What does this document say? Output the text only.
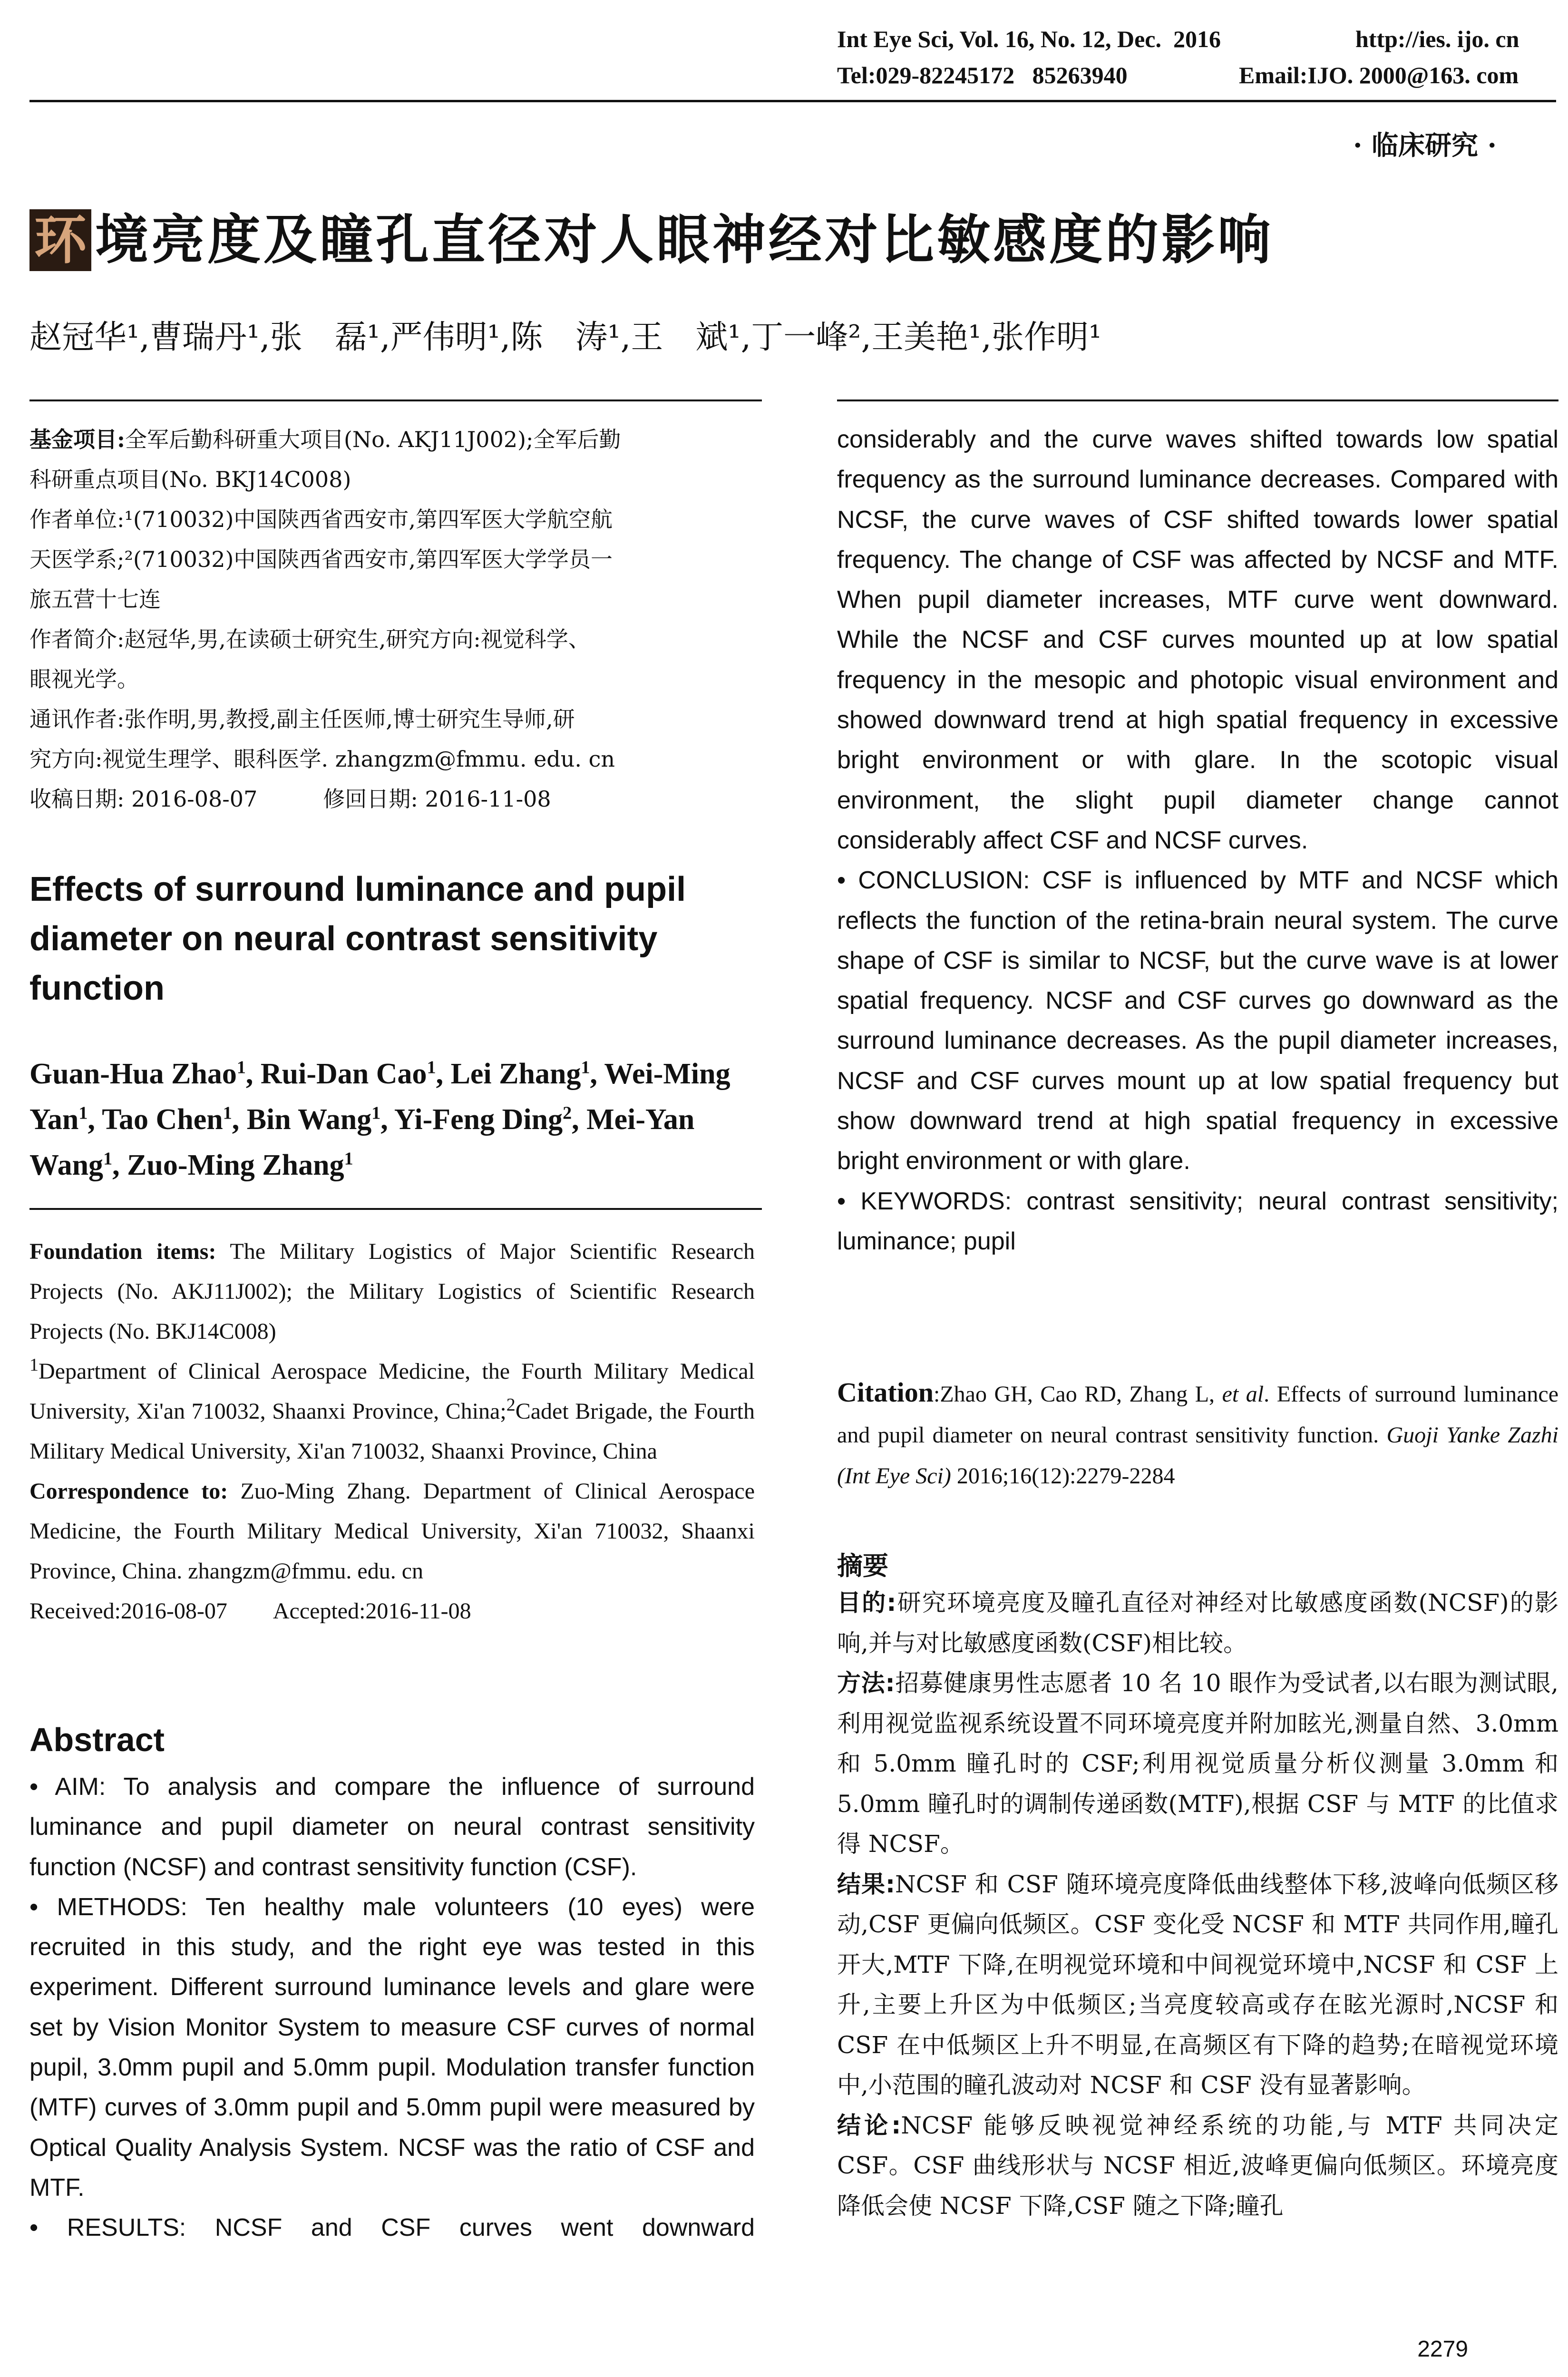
Int Eye Sci, Vol. 16, No. 12, Dec.  2016	http://ies. ijo. cn
Tel:029-82245172   85263940	Email:IJO. 2000@163. com
· 临床研究 ·
环 境亮度及瞳孔直径对人眼神经对比敏感度的影响
赵冠华¹,曹瑞丹¹,张　磊¹,严伟明¹,陈　涛¹,王　斌¹,丁一峰²,王美艳¹,张作明¹
基金项目:全军后勤科研重大项目(No. AKJ11J002);全军后勤
科研重点项目(No. BKJ14C008)
作者单位:¹(710032)中国陕西省西安市,第四军医大学航空航
天医学系;²(710032)中国陕西省西安市,第四军医大学学员一
旅五营十七连
作者简介:赵冠华,男,在读硕士研究生,研究方向:视觉科学、
眼视光学。
通讯作者:张作明,男,教授,副主任医师,博士研究生导师,研
究方向:视觉生理学、眼科医学. zhangzm@fmmu. edu. cn
收稿日期: 2016-08-07　　　修回日期: 2016-11-08
Effects of surround luminance and pupil diameter on neural contrast sensitivity function
Guan-Hua Zhao$^1$, Rui-Dan Cao$^1$, Lei Zhang$^1$, Wei-Ming Yan$^1$, Tao Chen$^1$, Bin Wang$^1$, Yi-Feng Ding$^2$, Mei-Yan Wang$^1$, Zuo-Ming Zhang$^1$
Foundation items: The Military Logistics of Major Scientific Research Projects (No. AKJ11J002); the Military Logistics of Scientific Research Projects (No. BKJ14C008)
$^1$Department of Clinical Aerospace Medicine, the Fourth Military Medical University, Xi'an 710032, Shaanxi Province, China;$^2$Cadet Brigade, the Fourth Military Medical University, Xi'an 710032, Shaanxi Province, China
Correspondence to: Zuo-Ming Zhang. Department of Clinical Aerospace Medicine, the Fourth Military Medical University, Xi'an 710032, Shaanxi Province, China. zhangzm@fmmu. edu. cn
Received:2016-08-07 Accepted:2016-11-08
Abstract
• AIM: To analysis and compare the influence of surround luminance and pupil diameter on neural contrast sensitivity function (NCSF) and contrast sensitivity function (CSF).
• METHODS: Ten healthy male volunteers (10 eyes) were recruited in this study, and the right eye was tested in this experiment. Different surround luminance levels and glare were set by Vision Monitor System to measure CSF curves of normal pupil, 3.0mm pupil and 5.0mm pupil. Modulation transfer function (MTF) curves of 3.0mm pupil and 5.0mm pupil were measured by Optical Quality Analysis System. NCSF was the ratio of CSF and MTF.
• RESULTS: NCSF and CSF curves went downward
considerably and the curve waves shifted towards low spatial frequency as the surround luminance decreases. Compared with NCSF, the curve waves of CSF shifted towards lower spatial frequency. The change of CSF was affected by NCSF and MTF. When pupil diameter increases, MTF curve went downward. While the NCSF and CSF curves mounted up at low spatial frequency in the mesopic and photopic visual environment and showed downward trend at high spatial frequency in excessive bright environment or with glare. In the scotopic visual environment, the slight pupil diameter change cannot considerably affect CSF and NCSF curves.
• CONCLUSION: CSF is influenced by MTF and NCSF which reflects the function of the retina-brain neural system. The curve shape of CSF is similar to NCSF, but the curve wave is at lower spatial frequency. NCSF and CSF curves go downward as the surround luminance decreases. As the pupil diameter increases, NCSF and CSF curves mount up at low spatial frequency but show downward trend at high spatial frequency in excessive bright environment or with glare.
• KEYWORDS: contrast sensitivity; neural contrast sensitivity; luminance; pupil
Citation:Zhao GH, Cao RD, Zhang L, et al. Effects of surround luminance and pupil diameter on neural contrast sensitivity function. Guoji Yanke Zazhi (Int Eye Sci) 2016;16(12):2279-2284
摘要
目的:研究环境亮度及瞳孔直径对神经对比敏感度函数(NCSF)的影响,并与对比敏感度函数(CSF)相比较。
方法:招募健康男性志愿者 10 名 10 眼作为受试者,以右眼为测试眼,利用视觉监视系统设置不同环境亮度并附加眩光,测量自然、3.0mm 和 5.0mm 瞳孔时的 CSF;利用视觉质量分析仪测量 3.0mm 和 5.0mm 瞳孔时的调制传递函数(MTF),根据 CSF 与 MTF 的比值求得 NCSF。
结果:NCSF 和 CSF 随环境亮度降低曲线整体下移,波峰向低频区移动,CSF 更偏向低频区。CSF 变化受 NCSF 和 MTF 共同作用,瞳孔开大,MTF 下降,在明视觉环境和中间视觉环境中,NCSF 和 CSF 上升,主要上升区为中低频区;当亮度较高或存在眩光源时,NCSF 和 CSF 在中低频区上升不明显,在高频区有下降的趋势;在暗视觉环境中,小范围的瞳孔波动对 NCSF 和 CSF 没有显著影响。
结论:NCSF 能够反映视觉神经系统的功能,与 MTF 共同决定 CSF。CSF 曲线形状与 NCSF 相近,波峰更偏向低频区。环境亮度降低会使 NCSF 下降,CSF 随之下降;瞳孔
2279
